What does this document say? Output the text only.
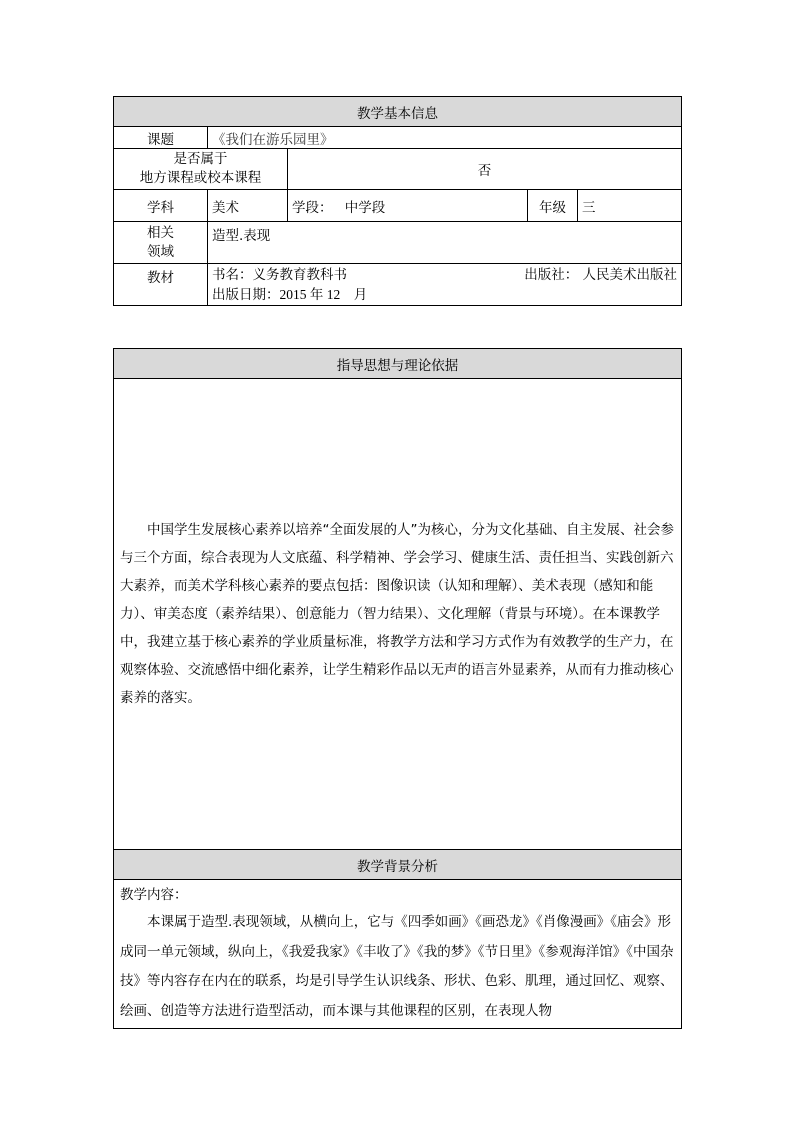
教学基本信息				
课题	《我们在游乐园里》			

是否属于
地方课程或校本课程		否		
学科	美术	学段： 中学段	年级	三

相关
领域	造型.表现			
教材	书名：义务教育教科书 出版社： 人民美术出版社
出版日期：2015 年 12　月			
指导思想与理论依据

中国学生发展核心素养以培养“全面发展的人”为核心，分为文化基础、自主发展、社会参与三个方面，综合表现为人文底蕴、科学精神、学会学习、健康生活、责任担当、实践创新六大素养，而美术学科核心素养的要点包括：图像识读（认知和理解）、美术表现（感知和能力）、审美态度（素养结果）、创意能力（智力结果）、文化理解（背景与环境）。在本课教学中，我建立基于核心素养的学业质量标准，将教学方法和学习方式作为有效教学的生产力，在观察体验、交流感悟中细化素养，让学生精彩作品以无声的语言外显素养，从而有力推动核心素养的落实。

教学背景分析

教学内容：

本课属于造型.表现领域，从横向上，它与《四季如画》《画恐龙》《肖像漫画》《庙会》形成同一单元领域，纵向上，《我爱我家》《丰收了》《我的梦》《节日里》《参观海洋馆》《中国杂技》等内容存在内在的联系，均是引导学生认识线条、形状、色彩、肌理，通过回忆、观察、绘画、创造等方法进行造型活动，而本课与其他课程的区别，在表现人物
